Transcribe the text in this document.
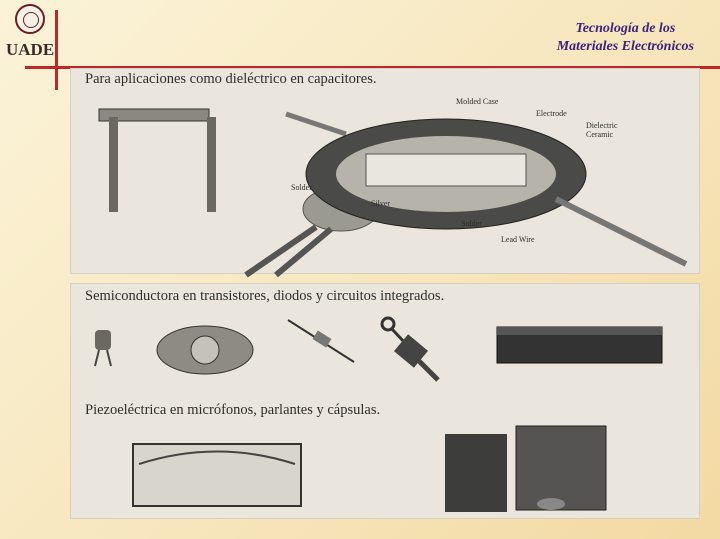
UADE
Tecnología de los
Materiales Electrónicos
Para aplicaciones como dieléctrico en capacitores.
Molded Case
Electrode
Dielectric
Ceramic
Solder
Silver
Solder
Lead Wire
Semiconductora en transistores, diodos y circuitos integrados.
Piezoeléctrica en micrófonos, parlantes y cápsulas.
